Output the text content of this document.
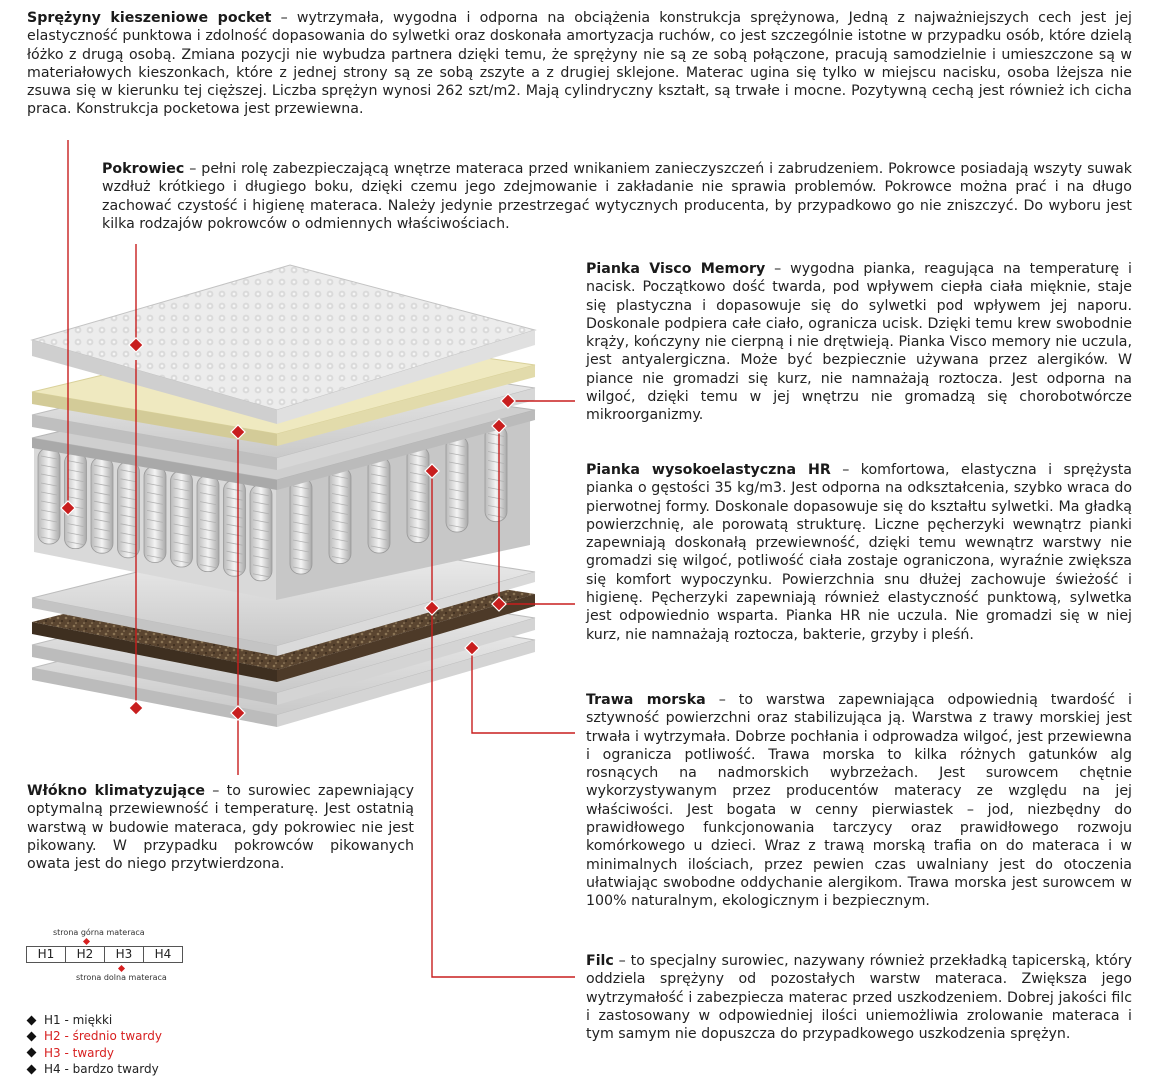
Sprężyny kieszeniowe pocket – wytrzymała, wygodna i odporna na obciążenia konstrukcja sprężynowa, Jedną z najważniejszych cech jest jej elastyczność punktowa i zdolność dopasowania do sylwetki oraz doskonała amortyzacja ruchów, co jest szczególnie istotne w przypadku osób, które dzielą łóżko z drugą osobą. Zmiana pozycji nie wybudza partnera dzięki temu, że sprężyny nie są ze sobą połączone, pracują samodzielnie i umieszczone są w materiałowych kieszonkach, które z jednej strony są ze sobą zszyte a z drugiej sklejone. Materac ugina się tylko w miejscu nacisku, osoba lżejsza nie zsuwa się w kierunku tej cięższej. Liczba sprężyn wynosi 262 szt/m2. Mają cylindryczny kształt, są trwałe i mocne. Pozytywną cechą jest również ich cicha praca. Konstrukcja pocketowa jest przewiewna.

Pokrowiec – pełni rolę zabezpieczającą wnętrze materaca przed wnikaniem zanieczyszczeń i zabrudzeniem. Pokrowce posiadają wszyty suwak wzdłuż krótkiego i długiego boku, dzięki czemu jego zdejmowanie i zakładanie nie sprawia problemów. Pokrowce można prać i na długo zachować czystość i higienę materaca. Należy jedynie przestrzegać wytycznych producenta, by przypadkowo go nie zniszczyć. Do wyboru jest kilka rodzajów pokrowców o odmiennych właściwościach.

Pianka Visco Memory – wygodna pianka, reagująca na temperaturę i nacisk. Początkowo dość twarda, pod wpływem ciepła ciała mięknie, staje się plastyczna i dopasowuje się do sylwetki pod wpływem jej naporu. Doskonale podpiera całe ciało, ogranicza ucisk. Dzięki temu krew swobodnie krąży, kończyny nie cierpną i nie drętwieją. Pianka Visco memory nie uczula, jest antyalergiczna. Może być bezpiecznie używana przez alergików. W piance nie gromadzi się kurz, nie namnażają roztocza. Jest odporna na wilgoć, dzięki temu w jej wnętrzu nie gromadzą się chorobotwórcze mikroorganizmy.

Pianka wysokoelastyczna HR – komfortowa, elastyczna i sprężysta pianka o gęstości 35 kg/m3. Jest odporna na odkształcenia, szybko wraca do pierwotnej formy. Doskonale dopasowuje się do kształtu sylwetki. Ma gładką powierzchnię, ale porowatą strukturę. Liczne pęcherzyki wewnątrz pianki zapewniają doskonałą przewiewność, dzięki temu wewnątrz warstwy nie gromadzi się wilgoć, potliwość ciała zostaje ograniczona, wyraźnie zwiększa się komfort wypoczynku. Powierzchnia snu dłużej zachowuje świeżość i higienę. Pęcherzyki zapewniają również elastyczność punktową, sylwetka jest odpowiednio wsparta. Pianka HR nie uczula. Nie gromadzi się w niej kurz, nie namnażają roztocza, bakterie, grzyby i pleśń.

Trawa morska – to warstwa zapewniająca odpowiednią twardość i sztywność powierzchni oraz stabilizująca ją. Warstwa z trawy morskiej jest trwała i wytrzymała. Dobrze pochłania i odprowadza wilgoć, jest przewiewna i ogranicza potliwość. Trawa morska to kilka różnych gatunków alg rosnących na nadmorskich wybrzeżach. Jest surowcem chętnie wykorzystywanym przez producentów materacy ze względu na jej właściwości. Jest bogata w cenny pierwiastek – jod, niezbędny do prawidłowego funkcjonowania tarczycy oraz prawidłowego rozwoju komórkowego u dzieci. Wraz z trawą morską trafia on do materaca i w minimalnych ilościach, przez pewien czas uwalniany jest do otoczenia ułatwiając swobodne oddychanie alergikom. Trawa morska jest surowcem w 100% naturalnym, ekologicznym i bezpiecznym.

Filc – to specjalny surowiec, nazywany również przekładką tapicerską, który oddziela sprężyny od pozostałych warstw materaca. Zwiększa jego wytrzymałość i zabezpiecza materac przed uszkodzeniem. Dobrej jakości filc i zastosowany w odpowiedniej ilości uniemożliwia zrolowanie materaca i tym samym nie dopuszcza do przypadkowego uszkodzenia sprężyn.

Włókno klimatyzujące – to surowiec zapewniający optymalną przewiewność i temperaturę. Jest ostatnią warstwą w budowie materaca, gdy pokrowiec nie jest pikowany. W przypadku pokrowców pikowanych owata jest do niego przytwierdzona.

strona górna materaca
H1	H2	H3	H4
strona dolna materaca
H1 - miękki
H2 - średnio twardy
H3 - twardy
H4 - bardzo twardy
